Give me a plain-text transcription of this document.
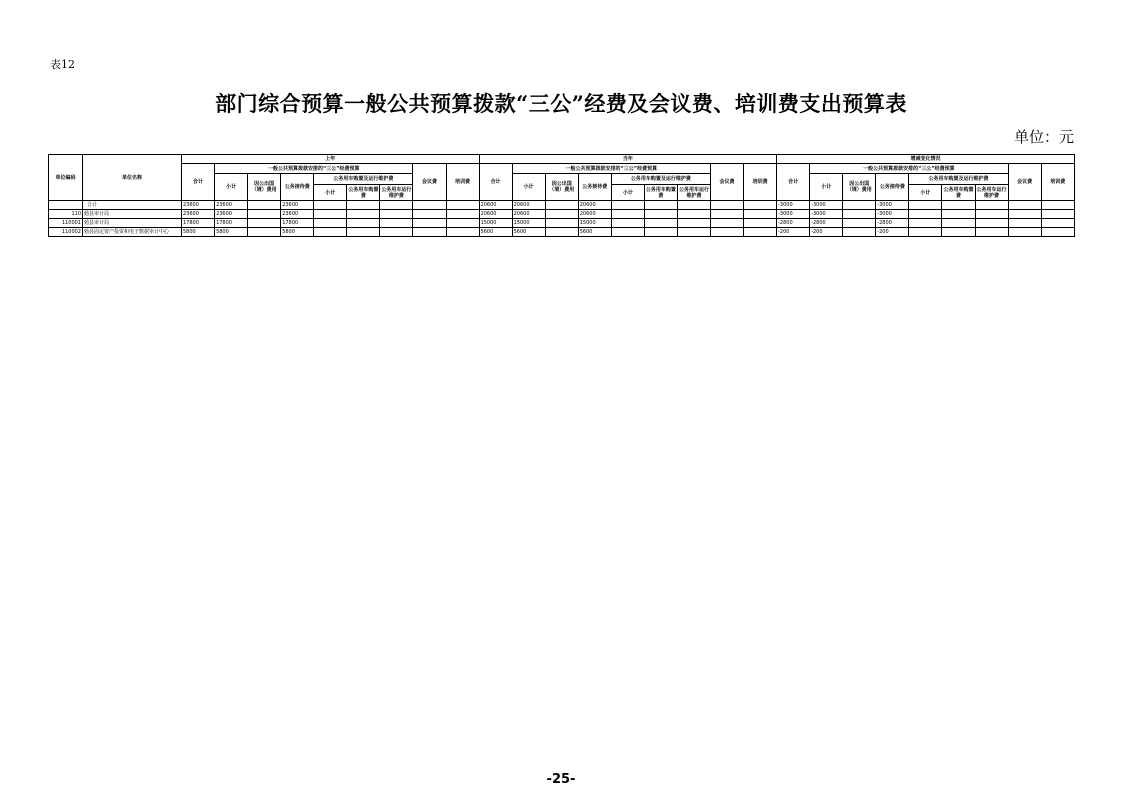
表12
部门综合预算一般公共预算拨款“三公”经费及会议费、培训费支出预算表
单位：元
单位编码	单位名称	上年									当年									增减变化情况								
		合计	一般公共预算拨款安排的“三公”经费预算						会议费	培训费	合计	一般公共预算拨款安排的“三公”经费预算						会议费	培训费	合计	一般公共预算拨款安排的“三公”经费预算						会议费	培训费
			小计	因公出国（境）费用	公务接待费	公务用车购置及运行维护费						小计	因公出国（境）费用	公务接待费	公务用车购置及运行维护费						小计	因公出国（境）费用	公务接待费	公务用车购置及运行维护费				
						小计	公务用车购置费	公务用车运行维护费							小计	公务用车购置费	公务用车运行维护费							小计	公务用车购置费	公务用车运行维护费		
	合计	23600	23600		23600						20600	20600		20600						-3000	-3000		-3000					
110	勉县审计局	23600	23600		23600						20600	20600		20600						-3000	-3000		-3000					
110001	勉县审计局	17800	17800		17800						15000	15000		15000						-2800	-2800		-2800					
110002	勉县固定资产投资和电子数据审计中心	5800	5800		5800						5600	5600		5600						-200	-200		-200					
-25-
